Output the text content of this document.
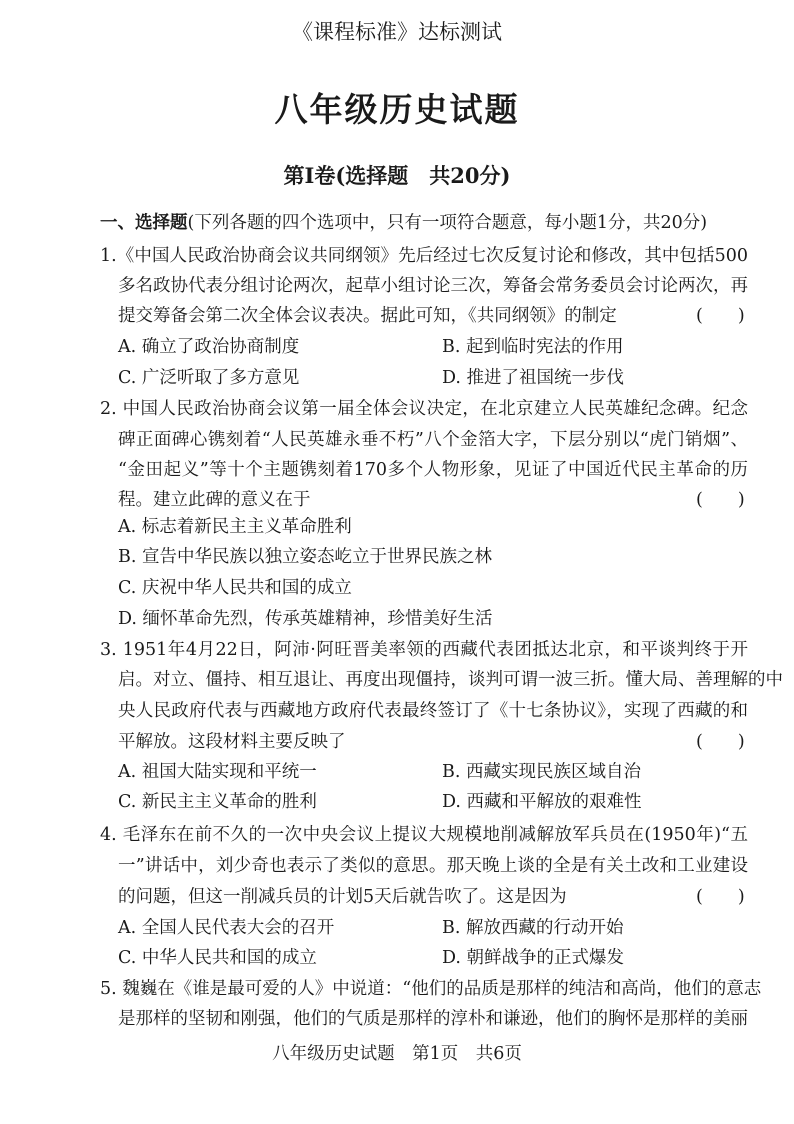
《课程标准》达标测试
八年级历史试题
第Ⅰ卷(选择题　共20分)
一、选择题(下列各题的四个选项中，只有一项符合题意，每小题1分，共20分)
1.《中国人民政治协商会议共同纲领》先后经过七次反复讨论和修改，其中包括500
多名政协代表分组讨论两次，起草小组讨论三次，筹备会常务委员会讨论两次，再
提交筹备会第二次全体会议表决。据此可知，《共同纲领》的制定	(　　)
A. 确立了政治协商制度	B. 起到临时宪法的作用
C. 广泛听取了多方意见	D. 推进了祖国统一步伐
2. 中国人民政治协商会议第一届全体会议决定，在北京建立人民英雄纪念碑。纪念
碑正面碑心镌刻着“人民英雄永垂不朽”八个金箔大字，下层分别以“虎门销烟”、
“金田起义”等十个主题镌刻着170多个人物形象，见证了中国近代民主革命的历
程。建立此碑的意义在于	(　　)
A. 标志着新民主主义革命胜利
B. 宣告中华民族以独立姿态屹立于世界民族之林
C. 庆祝中华人民共和国的成立
D. 缅怀革命先烈，传承英雄精神，珍惜美好生活
3. 1951年4月22日，阿沛·阿旺晋美率领的西藏代表团抵达北京，和平谈判终于开
启。对立、僵持、相互退让、再度出现僵持，谈判可谓一波三折。懂大局、善理解的中
央人民政府代表与西藏地方政府代表最终签订了《十七条协议》，实现了西藏的和
平解放。这段材料主要反映了	(　　)
A. 祖国大陆实现和平统一	B. 西藏实现民族区域自治
C. 新民主主义革命的胜利	D. 西藏和平解放的艰难性
4. 毛泽东在前不久的一次中央会议上提议大规模地削减解放军兵员在(1950年)“五
一”讲话中，刘少奇也表示了类似的意思。那天晚上谈的全是有关土改和工业建设
的问题，但这一削减兵员的计划5天后就告吹了。这是因为	(　　)
A. 全国人民代表大会的召开	B. 解放西藏的行动开始
C. 中华人民共和国的成立	D. 朝鲜战争的正式爆发
5. 魏巍在《谁是最可爱的人》中说道：“他们的品质是那样的纯洁和高尚，他们的意志
是那样的坚韧和刚强，他们的气质是那样的淳朴和谦逊，他们的胸怀是那样的美丽
八年级历史试题　第1页　共6页
